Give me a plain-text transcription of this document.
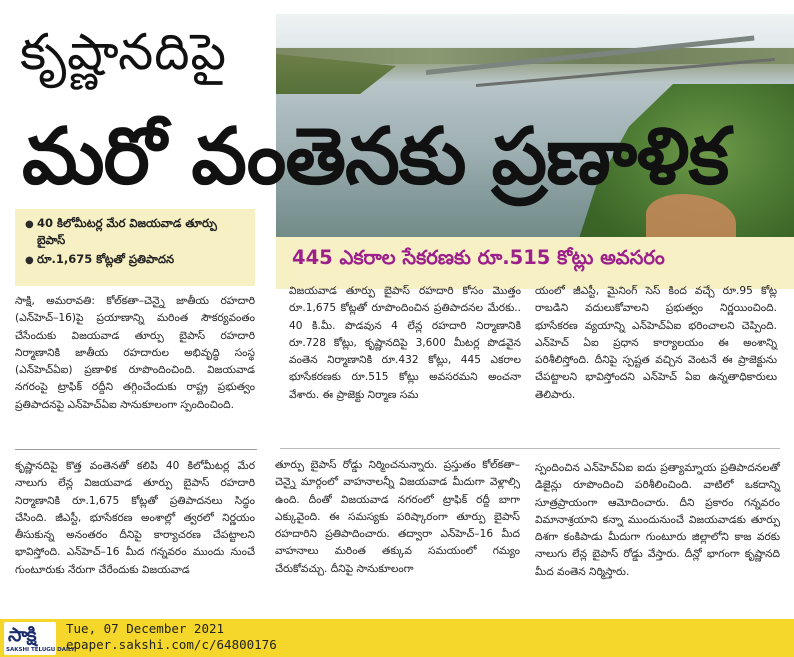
కృష్ణానదిపై
మరో వంతెనకు ప్రణాళిక
● 40 కిలోమీటర్ల మేర విజయవాడ తూర్పు బైపాస్
● రూ.1,675 కోట్లతో ప్రతిపాదన	445 ఎకరాల సేకరణకు రూ.515 కోట్లు అవసరం

సాక్షి, అమరావతి: కోల్‌కతా–చెన్నై జాతీయ రహదారి (ఎన్‌హెచ్‌–16)పై ప్రయాణాన్ని మరింత సౌకర్యవంతం చేసేందుకు విజయవాడ తూర్పు బైపాస్ రహదారి నిర్మాణానికి జాతీయ రహదారుల అభివృద్ధి సంస్థ (ఎన్‌హెచ్‌ఏఐ) ప్రణాళిక రూపొందించింది. విజయవాడ నగరంపై ట్రాఫిక్ రద్దీని తగ్గించేందుకు రాష్ట్ర ప్రభుత్వం ప్రతిపాదనపై ఎన్‌హెచ్‌ఏఐ సానుకూలంగా స్పందించింది.

కృష్ణానదిపై కొత్త వంతెనతో కలిపి 40 కిలోమీటర్ల మేర నాలుగు లేన్ల విజయవాడ తూర్పు బైపాస్ రహదారి నిర్మాణానికి రూ.1,675 కోట్లతో ప్రతిపాదనలు సిద్ధం చేసింది. జీఎస్టీ, భూసేకరణ అంశాల్లో త్వరలో నిర్ణయం తీసుకున్న అనంతరం దీనిపై కార్యాచరణ చేపట్టాలని భావిస్తోంది. ఎన్‌హెచ్‌–16 మీద గన్నవరం ముందు నుంచే గుంటూరుకు నేరుగా చేరేందుకు విజయవాడ

విజయవాడ తూర్పు బైపాస్ రహదారి కోసం మొత్తం రూ.1,675 కోట్లతో రూపొందించిన ప్రతిపాదనల మేరకు.. 40 కి.మీ. పొడవున 4 లేన్ల రహదారి నిర్మాణానికి రూ.728 కోట్లు, కృష్ణానదిపై 3,600 మీటర్ల పొడవైన వంతెన నిర్మాణానికి రూ.432 కోట్లు, 445 ఎకరాల భూసేకరణకు రూ.515 కోట్లు అవసరమని అంచనా వేశారు. ఈ ప్రాజెక్టు నిర్మాణ సమ

యంలో జీఎస్టీ, మైనింగ్ సెస్ కింద వచ్చే రూ.95 కోట్ల రాబడిని వదులుకోవాలని ప్రభుత్వం నిర్ణయించింది. భూసేకరణ వ్యయాన్ని ఎన్‌హెచ్‌ఏఐ భరించాలని చెప్పింది. ఎన్‌హెచ్ ఏఐ ప్రధాన కార్యాలయం ఈ అంశాన్ని పరిశీలిస్తోంది. దీనిపై స్పష్టత వచ్చిన వెంటనే ఈ ప్రాజెక్టును చేపట్టాలని భావిస్తోందని ఎన్‌హెచ్ ఏఐ ఉన్నతాధికారులు తెలిపారు.

తూర్పు బైపాస్ రోడ్డు నిర్మించనున్నారు. ప్రస్తుతం కోల్‌కతా– చెన్నై మార్గంలో వాహనాలన్నీ విజయవాడ మీదుగా వెళ్లాల్సి ఉంది. దీంతో విజయవాడ నగరంలో ట్రాఫిక్ రద్దీ బాగా ఎక్కువైంది. ఈ సమస్యకు పరిష్కారంగా తూర్పు బైపాస్ రహదారిని ప్రతిపాదించారు. తద్వారా ఎన్‌హెచ్‌–16 మీద వాహనాలు మరింత తక్కువ సమయంలో గమ్యం చేరుకోవచ్చు. దీనిపై సానుకూలంగా

స్పందించిన ఎన్‌హెచ్‌ఏఐ ఐదు ప్రత్యామ్నాయ ప్రతిపాదనలతో డిజైన్లు రూపొందించి పరిశీలించింది. వాటిలో ఒకదాన్ని సూత్రప్రాయంగా ఆమోదించారు. దీని ప్రకారం గన్నవరం విమానాశ్రయాని కన్నా ముందునుంచే విజయవాడకు తూర్పు దిశగా కంకిపాడు మీదుగా గుంటూరు జిల్లాలోని కాజ వరకు నాలుగు లేన్ల బైపాస్ రోడ్డు వేస్తారు. దీన్లో భాగంగా కృష్ణానది మీద వంతెన నిర్మిస్తారు.

సాక్షి
SAKSHI TELUGU DAILY
Tue, 07 December 2021
epaper.sakshi.com/c/64800176
